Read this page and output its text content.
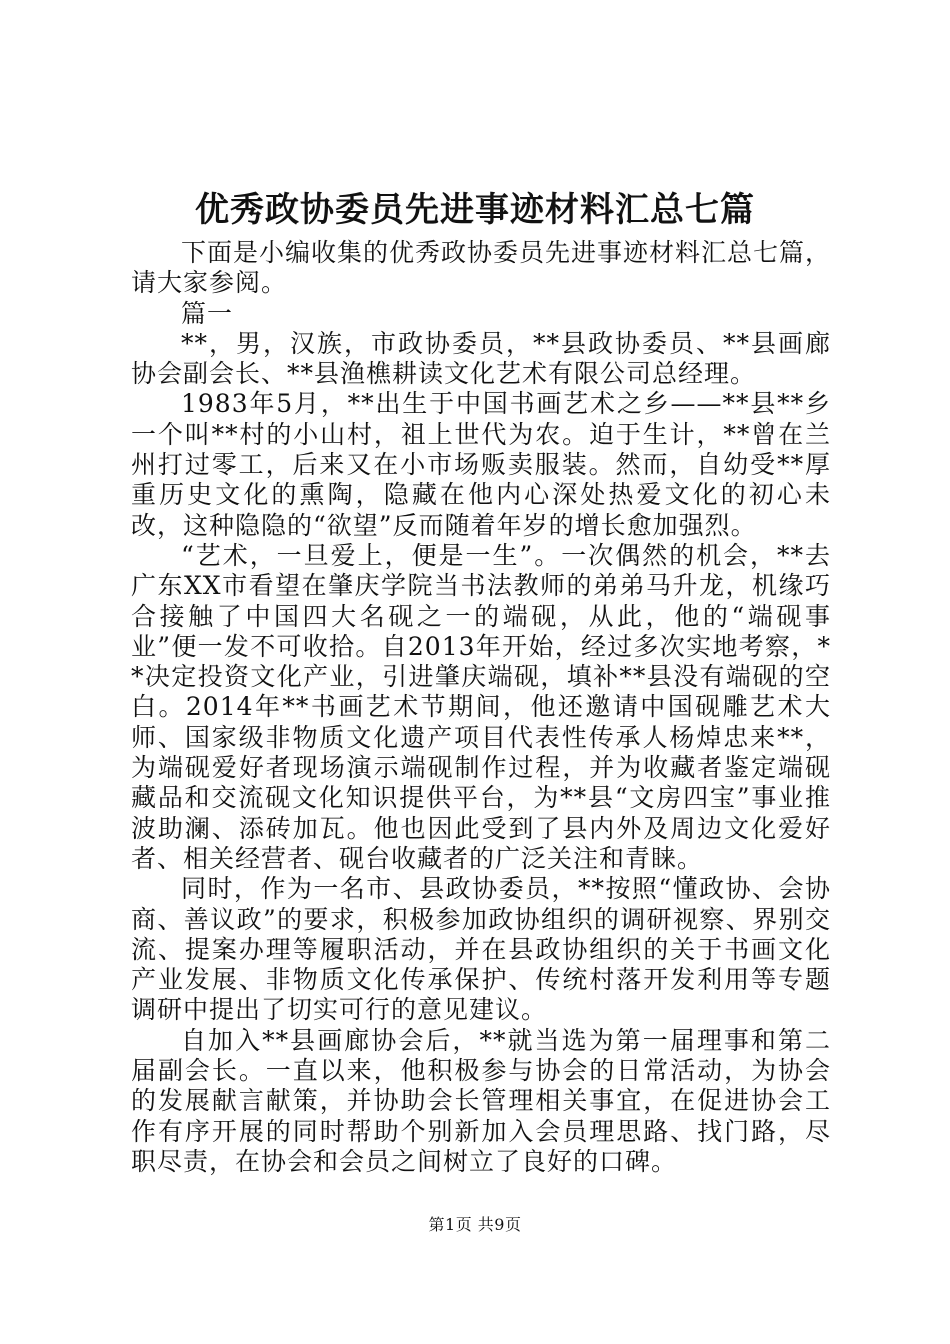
优秀政协委员先进事迹材料汇总七篇

下面是小编收集的优秀政协委员先进事迹材料汇总七篇，请大家参阅。

篇一

**，男，汉族，市政协委员，**县政协委员、**县画廊协会副会长、**县渔樵耕读文化艺术有限公司总经理。

1983年5月，**出生于中国书画艺术之乡——**县**乡一个叫**村的小山村，祖上世代为农。迫于生计，**曾在兰州打过零工，后来又在小市场贩卖服装。然而，自幼受**厚重历史文化的熏陶，隐藏在他内心深处热爱文化的初心未改，这种隐隐的“欲望”反而随着年岁的增长愈加强烈。

“艺术，一旦爱上，便是一生”。一次偶然的机会，**去广东XX市看望在肇庆学院当书法教师的弟弟马升龙，机缘巧合接触了中国四大名砚之一的端砚，从此，他的“端砚事业”便一发不可收拾。自2013年开始，经过多次实地考察，**决定投资文化产业，引进肇庆端砚，填补**县没有端砚的空白。2014年**书画艺术节期间，他还邀请中国砚雕艺术大师、国家级非物质文化遗产项目代表性传承人杨焯忠来**，为端砚爱好者现场演示端砚制作过程，并为收藏者鉴定端砚藏品和交流砚文化知识提供平台，为**县“文房四宝”事业推波助澜、添砖加瓦。他也因此受到了县内外及周边文化爱好者、相关经营者、砚台收藏者的广泛关注和青睐。

同时，作为一名市、县政协委员，**按照“懂政协、会协商、善议政”的要求，积极参加政协组织的调研视察、界别交流、提案办理等履职活动，并在县政协组织的关于书画文化产业发展、非物质文化传承保护、传统村落开发利用等专题调研中提出了切实可行的意见建议。

自加入**县画廊协会后，**就当选为第一届理事和第二届副会长。一直以来，他积极参与协会的日常活动，为协会的发展献言献策，并协助会长管理相关事宜，在促进协会工作有序开展的同时帮助个别新加入会员理思路、找门路，尽职尽责，在协会和会员之间树立了良好的口碑。

第1页 共9页
